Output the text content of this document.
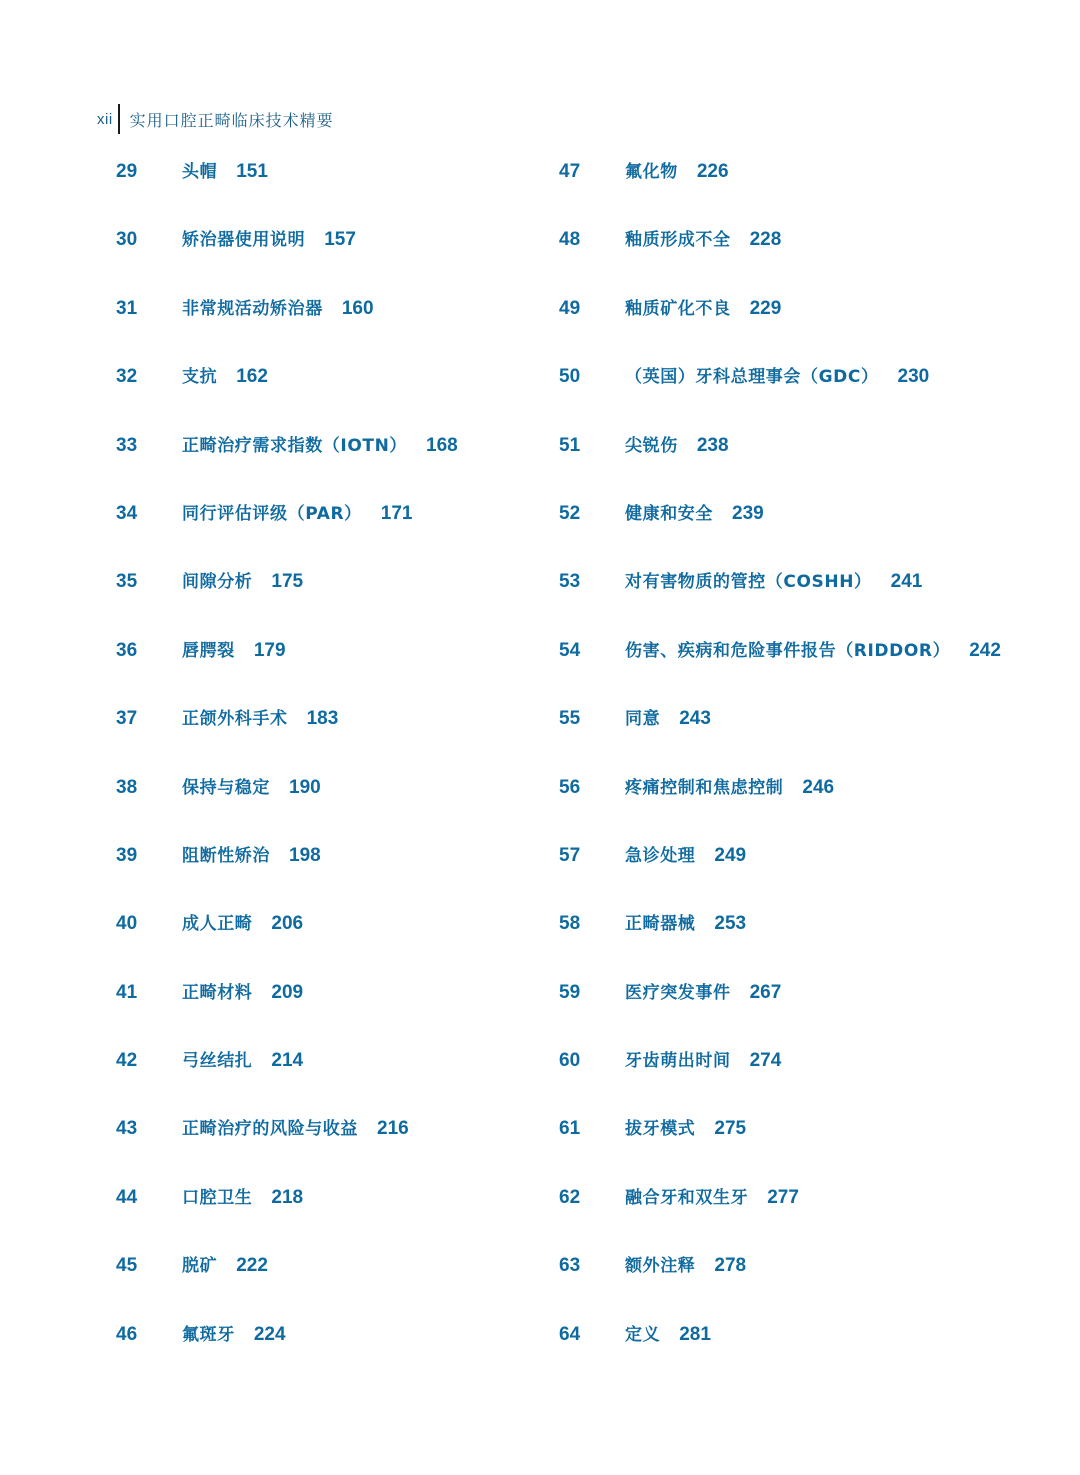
xii 实用口腔正畸临床技术精要
29	头帽 151
30	矫治器使用说明 157
31	非常规活动矫治器 160
32	支抗 162
33	正畸治疗需求指数（IOTN） 168
34	同行评估评级（PAR） 171
35	间隙分析 175
36	唇腭裂 179
37	正颌外科手术 183
38	保持与稳定 190
39	阻断性矫治 198
40	成人正畸 206
41	正畸材料 209
42	弓丝结扎 214
43	正畸治疗的风险与收益 216
44	口腔卫生 218
45	脱矿 222
46	氟斑牙 224
47	氟化物 226
48	釉质形成不全 228
49	釉质矿化不良 229
50	（英国）牙科总理事会（GDC） 230
51	尖锐伤 238
52	健康和安全 239
53	对有害物质的管控（COSHH） 241
54	伤害、疾病和危险事件报告（RIDDOR） 242
55	同意 243
56	疼痛控制和焦虑控制 246
57	急诊处理 249
58	正畸器械 253
59	医疗突发事件 267
60	牙齿萌出时间 274
61	拔牙模式 275
62	融合牙和双生牙 277
63	额外注释 278
64	定义 281
